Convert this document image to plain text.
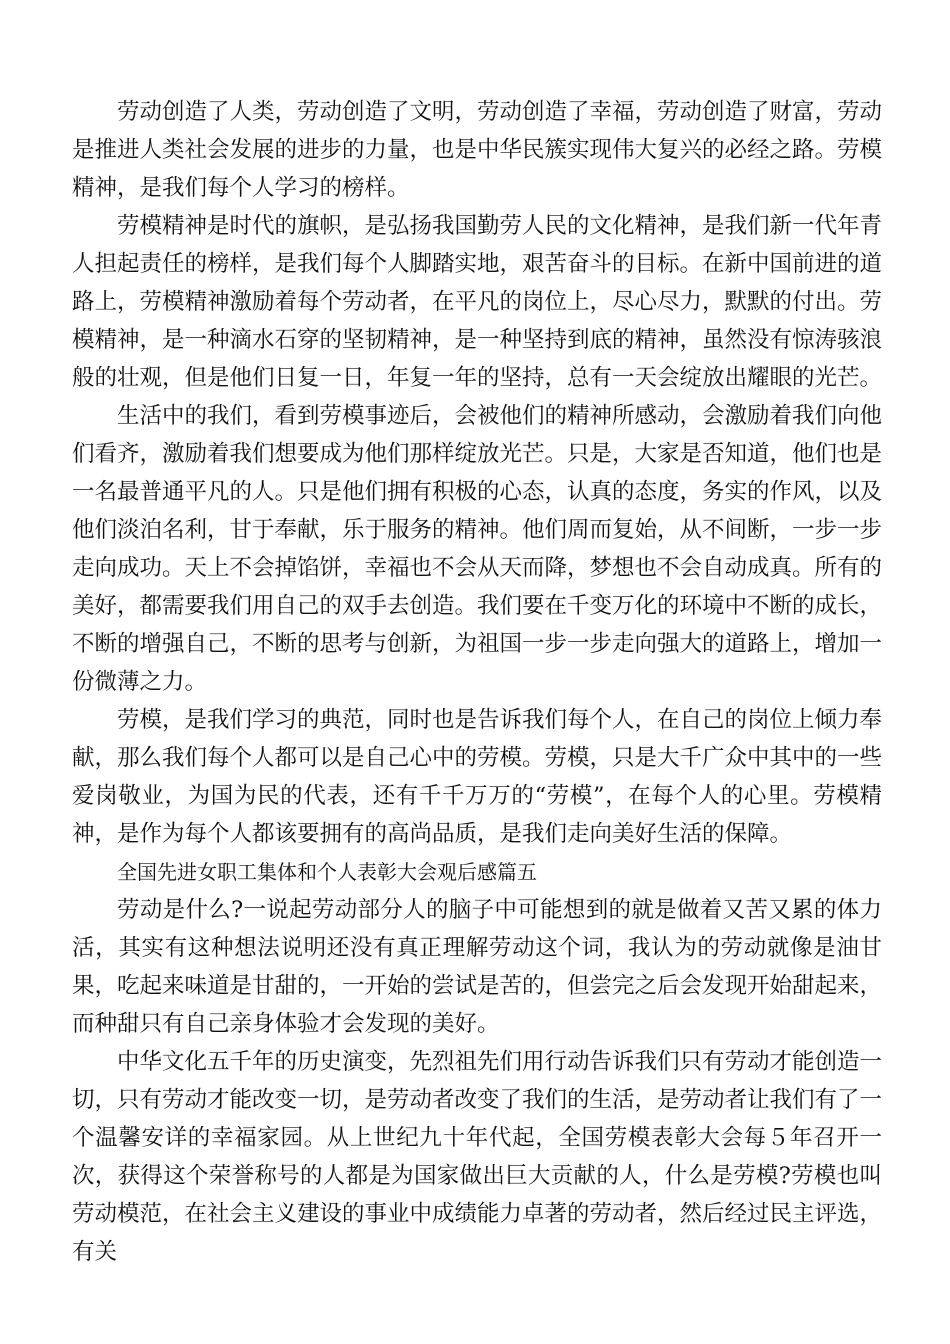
劳动创造了人类，劳动创造了文明，劳动创造了幸福，劳动创造了财富，劳动是推进人类社会发展的进步的力量，也是中华民簇实现伟大复兴的必经之路。劳模精神，是我们每个人学习的榜样。

劳模精神是时代的旗帜，是弘扬我国勤劳人民的文化精神，是我们新一代年青人担起责任的榜样，是我们每个人脚踏实地，艰苦奋斗的目标。在新中国前进的道路上，劳模精神激励着每个劳动者，在平凡的岗位上，尽心尽力，默默的付出。劳模精神，是一种滴水石穿的坚韧精神，是一种坚持到底的精神，虽然没有惊涛骇浪般的壮观，但是他们日复一日，年复一年的坚持，总有一天会绽放出耀眼的光芒。

生活中的我们，看到劳模事迹后，会被他们的精神所感动，会激励着我们向他们看齐，激励着我们想要成为他们那样绽放光芒。只是，大家是否知道，他们也是一名最普通平凡的人。只是他们拥有积极的心态，认真的态度，务实的作风，以及他们淡泊名利，甘于奉献，乐于服务的精神。他们周而复始，从不间断，一步一步走向成功。天上不会掉馅饼，幸福也不会从天而降，梦想也不会自动成真。所有的美好，都需要我们用自己的双手去创造。我们要在千变万化的环境中不断的成长，不断的增强自己，不断的思考与创新，为祖国一步一步走向强大的道路上，增加一份微薄之力。

劳模，是我们学习的典范，同时也是告诉我们每个人，在自己的岗位上倾力奉献，那么我们每个人都可以是自己心中的劳模。劳模，只是大千广众中其中的一些爱岗敬业，为国为民的代表，还有千千万万的“劳模”，在每个人的心里。劳模精神，是作为每个人都该要拥有的高尚品质，是我们走向美好生活的保障。

全国先进女职工集体和个人表彰大会观后感篇五

劳动是什么?一说起劳动部分人的脑子中可能想到的就是做着又苦又累的体力活，其实有这种想法说明还没有真正理解劳动这个词，我认为的劳动就像是油甘果，吃起来味道是甘甜的，一开始的尝试是苦的，但尝完之后会发现开始甜起来，而种甜只有自己亲身体验才会发现的美好。

中华文化五千年的历史演变，先烈祖先们用行动告诉我们只有劳动才能创造一切，只有劳动才能改变一切，是劳动者改变了我们的生活，是劳动者让我们有了一个温馨安详的幸福家园。从上世纪九十年代起，全国劳模表彰大会每５年召开一次，获得这个荣誉称号的人都是为国家做出巨大贡献的人，什么是劳模?劳模也叫劳动模范，在社会主义建设的事业中成绩能力卓著的劳动者，然后经过民主评选，有关
